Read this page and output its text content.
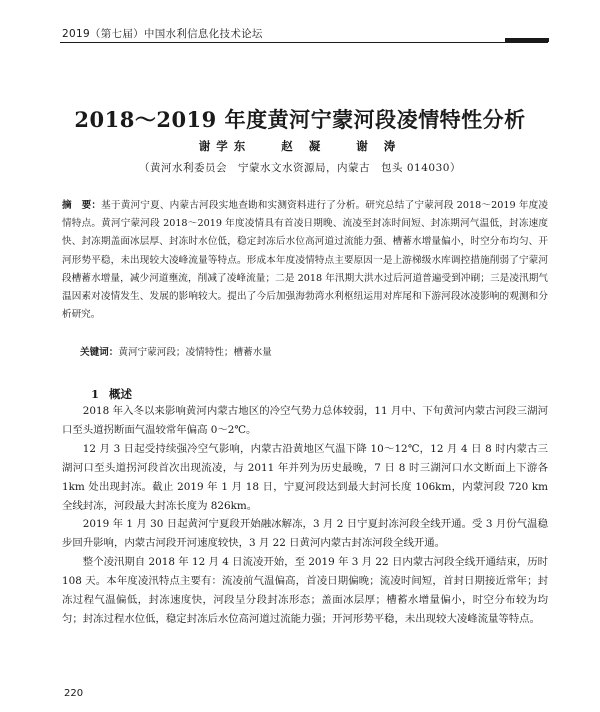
2019（第七届）中国水利信息化技术论坛
2018～2019 年度黄河宁蒙河段凌情特性分析
谢学东	赵 凝	谢 涛
（黄河水利委员会　宁蒙水文水资源局，内蒙古　包头 014030）
摘　要：基于黄河宁夏、内蒙古河段实地查勘和实测资料进行了分析。研究总结了宁蒙河段 2018～2019 年度凌情特点。黄河宁蒙河段 2018～2019 年度凌情具有首凌日期晚、流凌至封冻时间短、封冻期河气温低，封冻速度快、封冻期盖面冰层厚、封冻时水位低，稳定封冻后水位高河道过流能力强、槽蓄水增量偏小，时空分布均匀、开河形势平稳，未出现较大凌峰流量等特点。形成本年度凌情特点主要原因一是上游梯级水库调控措施削弱了宁蒙河段槽蓄水增量，减少河道壅流，削减了凌峰流量；二是 2018 年汛期大洪水过后河道普遍受到冲刷；三是凌汛期气温因素对凌情发生、发展的影响较大。提出了今后加强海勃湾水利枢纽运用对库尾和下游河段冰凌影响的观测和分析研究。
关键词：黄河宁蒙河段；凌情特性；槽蓄水量
1 概述

2018 年入冬以来影响黄河内蒙古地区的冷空气势力总体较弱，11 月中、下旬黄河内蒙古河段三湖河口至头道拐断面气温较常年偏高 0～2℃。

12 月 3 日起受持续强冷空气影响，内蒙古沿黄地区气温下降 10～12℃，12 月 4 日 8 时内蒙古三湖河口至头道拐河段首次出现流凌，与 2011 年并列为历史最晚，7 日 8 时三湖河口水文断面上下游各 1km 处出现封冻。截止 2019 年 1 月 18 日，宁夏河段达到最大封河长度 106km，内蒙河段 720 km 全线封冻，河段最大封冻长度为 826km。

2019 年 1 月 30 日起黄河宁夏段开始融冰解冻，3 月 2 日宁夏封冻河段全线开通。受 3 月份气温稳步回升影响，内蒙古河段开河速度较快，3 月 22 日黄河内蒙古封冻河段全线开通。

整个凌汛期自 2018 年 12 月 4 日流凌开始，至 2019 年 3 月 22 日内蒙古河段全线开通结束，历时 108 天。本年度凌汛特点主要有：流凌前气温偏高，首凌日期偏晚；流凌时间短，首封日期接近常年；封冻过程气温偏低，封冻速度快，河段呈分段封冻形态；盖面冰层厚；槽蓄水增量偏小，时空分布较为均匀；封冻过程水位低，稳定封冻后水位高河道过流能力强；开河形势平稳，未出现较大凌峰流量等特点。

220
